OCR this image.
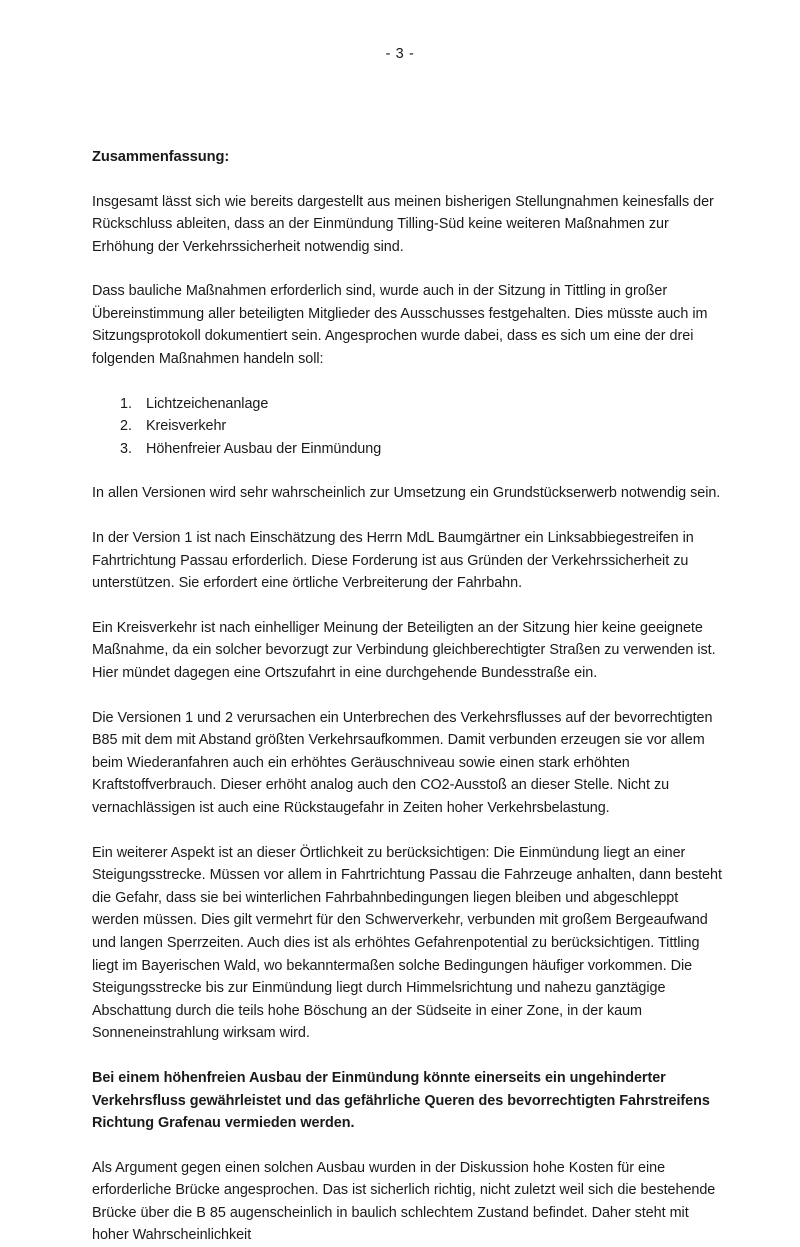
- 3 -
Zusammenfassung:

Insgesamt lässt sich wie bereits dargestellt aus meinen bisherigen Stellungnahmen keinesfalls der Rückschluss ableiten, dass an der Einmündung Tilling-Süd keine weiteren Maßnahmen zur Erhöhung der Verkehrssicherheit notwendig sind.

Dass bauliche Maßnahmen erforderlich sind, wurde auch in der Sitzung in Tittling in großer Übereinstimmung aller beteiligten Mitglieder des Ausschusses festgehalten. Dies müsste auch im Sitzungsprotokoll dokumentiert sein. Angesprochen wurde dabei, dass es sich um eine der drei folgenden Maßnahmen handeln soll:

1. Lichtzeichenanlage
2. Kreisverkehr
3. Höhenfreier Ausbau der Einmündung

In allen Versionen wird sehr wahrscheinlich zur Umsetzung ein Grundstückserwerb notwendig sein.

In der Version 1 ist nach Einschätzung des Herrn MdL Baumgärtner ein Linksabbiegestreifen in Fahrtrichtung Passau erforderlich. Diese Forderung ist aus Gründen der Verkehrssicherheit zu unterstützen. Sie erfordert eine örtliche Verbreiterung der Fahrbahn.

Ein Kreisverkehr ist nach einhelliger Meinung der Beteiligten an der Sitzung hier keine geeignete Maßnahme, da ein solcher bevorzugt zur Verbindung gleichberechtigter Straßen zu verwenden ist. Hier mündet dagegen eine Ortszufahrt in eine durchgehende Bundesstraße ein.

Die Versionen 1 und 2 verursachen ein Unterbrechen des Verkehrsflusses auf der bevorrechtigten B85 mit dem mit Abstand größten Verkehrsaufkommen. Damit verbunden erzeugen sie vor allem beim Wiederanfahren auch ein erhöhtes Geräuschniveau sowie einen stark erhöhten Kraftstoffverbrauch. Dieser erhöht analog auch den CO2-Ausstoß an dieser Stelle. Nicht zu vernachlässigen ist auch eine Rückstaugefahr in Zeiten hoher Verkehrsbelastung.

Ein weiterer Aspekt ist an dieser Örtlichkeit zu berücksichtigen: Die Einmündung liegt an einer Steigungsstrecke. Müssen vor allem in Fahrtrichtung Passau die Fahrzeuge anhalten, dann besteht die Gefahr, dass sie bei winterlichen Fahrbahnbedingungen liegen bleiben und abgeschleppt werden müssen. Dies gilt vermehrt für den Schwerverkehr, verbunden mit großem Bergeaufwand und langen Sperrzeiten. Auch dies ist als erhöhtes Gefahrenpotential zu berücksichtigen. Tittling liegt im Bayerischen Wald, wo bekanntermaßen solche Bedingungen häufiger vorkommen. Die Steigungsstrecke bis zur Einmündung liegt durch Himmelsrichtung und nahezu ganztägige Abschattung durch die teils hohe Böschung an der Südseite in einer Zone, in der kaum Sonneneinstrahlung wirksam wird.

Bei einem höhenfreien Ausbau der Einmündung könnte einerseits ein ungehinderter Verkehrsfluss gewährleistet und das gefährliche Queren des bevorrechtigten Fahrstreifens Richtung Grafenau vermieden werden.

Als Argument gegen einen solchen Ausbau wurden in der Diskussion hohe Kosten für eine erforderliche Brücke angesprochen. Das ist sicherlich richtig, nicht zuletzt weil sich die bestehende Brücke über die B 85 augenscheinlich in baulich schlechtem Zustand befindet. Daher steht mit hoher Wahrscheinlichkeit
